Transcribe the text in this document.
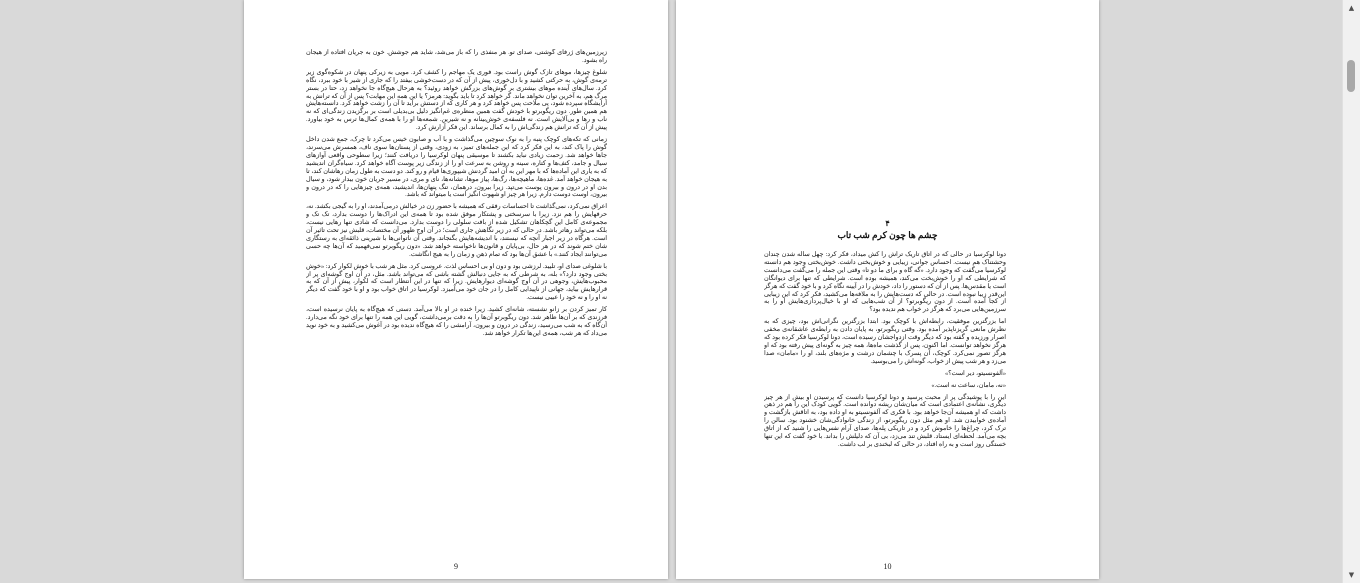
زیرزمین‌های ژرفای گوشتی، صدای تو. هر منفذی را که باز می‌شد، شاید هم جوشش. خون به جریان افتاده از هیجان راه بشود.

شلوغ چیزها، موهای تازک گوش راست بود. فوری یک مهاجم را کشف کرد. مویی به زیرکی پنهان در شکوه‌گوی زیر ترمه‌ی گوش، به حرکتی کشید و با دل‌خوری، پیش از آن که در دست‌خوشی بیفتد را که جاری از شیر با خود ببرد، نگاه کرد. سال‌های آینده موهای بیشتری بر گوش‌های بزرگش خواهد روئید؟ به هرحال هیچ‌گاه جا نخواهد زد، حتا در بستر مرگ هم، به آخرین توان نخواهد ماند. گر خواهد کرد تا باید بگوید: هرمز؟ یا این همه این مهابت؟ پس از آن که ترانش به آرایشگاه سپرده شود، پی ملاحت پس خواهد کرد و هر کاری که از دستش برآید تا آن را زشت خواهد کرد. دانسته‌هایش هم همین طور. دون ریگوبرتو با خودش گفت همین منظره‌ی غم‌انگیز دلیل بی‌بدیلی است بر برگزیدن زندگی‌ای که نه ناب و رها و بی‌آلایش است. نه فلسفه‌ی خوش‌بینانه و نه شیرین. شمعه‌ها او را با همه‌ی کمال‌ها ترس به خود بیاورد. پیش از آن که ترانش هم زندگی‌اش را به کمال برساند. این فکر آزارش کرد.

زمانی که تکه‌های کوچک پنبه را به نوک سوچین می‌گذاشت و با آب و صابون خیس می‌کرد تا چرک، جمع شدن داخل گوش را پاک کند، به این فکر کرد که این جمله‌های تمیز، به زودی، وقتی از پستان‌ها سوی ناف، همسرش می‌سرند، جاها خواهد شد. زحمت زیادی نباید بکشند تا موسیقی پنهان لوکرسیا را دریافت کنند؛ زیرا سطوحی واقعی آوازهای سیال و جامد، کتف‌ها و کتاره، سینه و روشن به سرعت او را از زندگی زیر پوست آگاه خواهد کرد. سیاه‌گران اندیشید که به یاری این آماده‌ها که با مهر این به آن امید گردنش شیپوری‌ها قیام و رو کند. دو دست به طول زمان رهاشان کند، تا به هیجان خواهد آمد. غده‌ها، ماهیچه‌ها، رگ‌ها، پیاز موها، تشانه‌ها، نای و مری، در مسیر جریان خون بیدار شود، و سیال بدن او در درون و بیرون پوست می‌تپد. زیرا بیرون، درهمان، تنگ پنهان‌ها، اندیشید، همه‌ی چیزهایی را که در درون و بیرون، اوست دوست دارم. زیرا هر چیز او شهوت انگیز است یا میتواند که باشد.

اعراق نمی‌کرد، نمی‌گذاشت تا احساسات رفقی که همیشه با حضور زن در خیالش درمی‌آمدند، او را به گیجی بکشد. نه، حرفهایش را هم نزد. زیرا با سرسختی و پشتکار موفق شده بود تا همه‌ی این ادراک‌ها را دوست بدارد، تک تک و مجموعه‌ی کامل این گچکاهان تشکیل شده از بافت سلولی را دوست بدارد. می‌دانست که شادی تنها رهایی نیست، بلکه می‌تواند رهاتر باشد. در حالی که در زیر نگاهش جاری است؛ در آن اوج ظهور آن مختصات، قلبش نیز تحت تاثیر آن است. هرگاه در زیر اجبار آنچه که نیستند، با اندیشه‌هایش بگنجاند. وقتی آن ناتوانی‌ها با شیرینی ذائقه‌ای به رستگاری شان ختم شوند که در هر حال، بی‌پایان و قانون‌ها ناخواسته خواهد شد. «دون ریگوبرتو نمی‌فهمید که آن‌ها چه حسی می‌توانند ایجاد کنند.» با عشق آن‌ها بود که تمام ذهن و زمان را به هیچ انگاشت.

با شلوغی صدای او، تلیید. لرزشی بود و دون او بی احساس لذت. عروسی کرد. مثل هر شب با خوش لکوار کرد: «خوش بختی وجود دارد؟» بله، به شرطی که به جایی دنبالش گشته باشی که می‌تواند باشد. مثل، در آن اوج گوشه‌ای پر از محبوب‌هایش، وجوهی در آن اوج گوشه‌ای دیوارهایش. زیرا که تنها در این انتظار است که لکوار، پیش از آن که به قرارهایش بیاید، جهانی از ناپیدایی کامل را در جان خود می‌آمیزد. لوکرسیا در اتاق خواب بود و او با خود گفت که دیگر نه او را و نه خود را عیبی نیست.

کار تمیز کردن بر زانو نشسته، شانه‌ای کشید. زیرا خنده در او بالا می‌آمد. دستی که هیچ‌گاه به پایان نرسیده است، فرزندی که بر آن‌ها ظاهر شد. دون ریگوبرتو آن‌ها را به دقت برمی‌داشت، گویی این همه را تنها برای خود نگه می‌دارد. آن‌گاه که به شب می‌رسید، زندگی در درون و بیرون، آرامشی را که هیچ‌گاه ندیده بود در آغوش می‌کشید و به خود نوید می‌داد که هر شب، همه‌ی این‌ها تکرار خواهد شد.

9
۴
چشم ها چون کرم شب تاب

دونا لوکرسیا در حالی که در اتاق تاریک تراش را کش میداد، فکر کرد: چهل ساله شدن چندان وحشتناک هم نیست. احساس جوانی، زیبایی و خوش‌بختی داشت. خوش‌بختی وجود هم دانسته لوکرسیا می‌گفت که وجود دارد. «گه گاه و برای ما دو تا» وقتی این جمله را می‌گفت می‌دانست که شرایطی که او را خوش‌بخت می‌کند، همیشه بوده است. شرایطی که تنها برای دیوانگان است یا مقدس‌ها. پس از آن که دستور را داد، خودش را در آیینه نگاه کرد و با خود گفت که هرگز این‌قدر زیبا نبوده است. در حالی که دست‌هایش را به ملافه‌ها می‌کشید، فکر کرد که این زیبایی از کجا آمده است. از دون ریگوبرتو؟ از آن شب‌هایی که او با خیال‌پردازی‌هایش او را به سرزمین‌هایی می‌برد که هرگز در خواب هم ندیده بود؟

اما بزرگترین موفقیت، رابطه‌اش با کوچک بود. ابتدا بزرگترین نگرانی‌اش بود، چیزی که به نظرش مانعی گریزناپذیر آمده بود. وقتی ریگوبرتو، به پایان دادن به رابطه‌ی عاشقانه‌ی مخفی اصرار ورزیده و گفته بود که دیگر وقت ازدواجشان رسیده است، دونا لوکرسیا فکر کرده بود که هرگز نخواهد توانست. اما اکنون، پس از گذشت ماه‌ها، همه چیز به گونه‌ای پیش رفته بود که او هرگز تصور نمی‌کرد. کوچک، آن پسرک با چشمان درشت و مژه‌های بلند، او را «مامان» صدا می‌زد و هر شب پیش از خواب، گونه‌اش را می‌بوسید.

«آلفونسیتو، دیر است؟»

«نه، مامان، ساعت نه است.»

این را با پوشیدگی پر از محبت پرسید و دونا لوکرسیا دانست که پرسیدن او بیش از هر چیز دیگری، نشانه‌ی اعتمادی است که میان‌شان ریشه دوانده است. گویی کودک این را هم در ذهن داشت که او همیشه آن‌جا خواهد بود. با فکری که آلفونسیتو به او داده بود، به اتاقش بازگشت و آماده‌ی خوابیدن شد. او هم مثل دون ریگوبرتو، از زندگی خانوادگی‌شان خشنود بود. سالن را ترک کرد، چراغ‌ها را خاموش کرد و در تاریکی پله‌ها، صدای آرام نفس‌هایی را شنید که از اتاق بچه می‌آمد. لحظه‌ای ایستاد. قلبش تند می‌زد، بی آن که دلیلش را بداند. با خود گفت که این تنها خستگی روز است و به راه افتاد، در حالی که لبخندی بر لب داشت.

10
▲
▼
